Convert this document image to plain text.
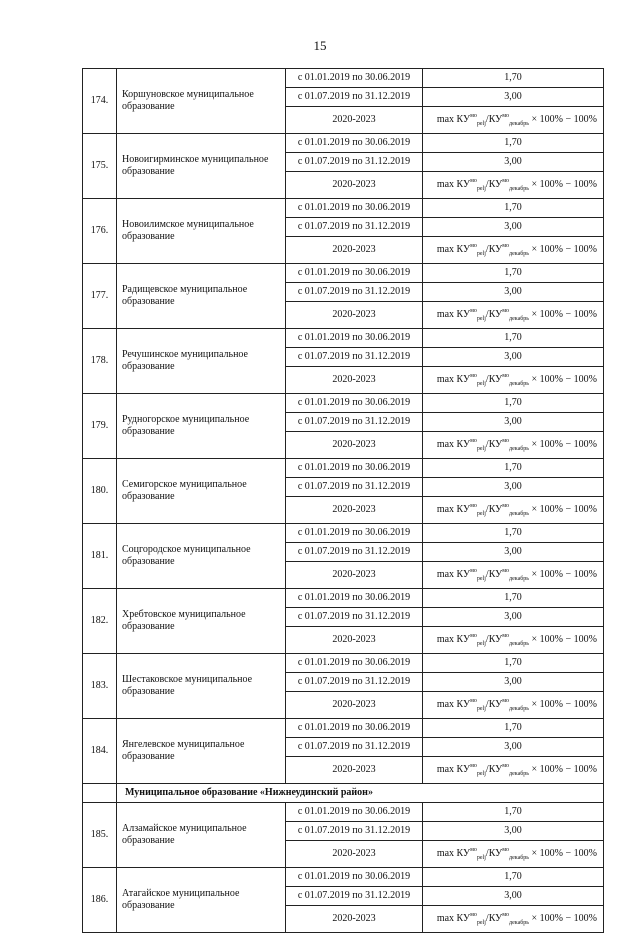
15
174.	Коршуновское муниципальное образование	с 01.01.2019 по 30.06.2019	1,70
		с 01.07.2019 по 31.12.2019	3,00
		2020-2023	$\max КУ^{мо}_{реlj}/КУ^{мо}_{декабрь} \times 100\% - 100\%$
175.	Новоигирминское муниципальное образование	с 01.01.2019 по 30.06.2019	1,70
		с 01.07.2019 по 31.12.2019	3,00
		2020-2023	$\max КУ^{мо}_{реlj}/КУ^{мо}_{декабрь} \times 100\% - 100\%$
176.	Новоилимское муниципальное образование	с 01.01.2019 по 30.06.2019	1,70
		с 01.07.2019 по 31.12.2019	3,00
		2020-2023	$\max КУ^{мо}_{реlj}/КУ^{мо}_{декабрь} \times 100\% - 100\%$
177.	Радищевское муниципальное образование	с 01.01.2019 по 30.06.2019	1,70
		с 01.07.2019 по 31.12.2019	3,00
		2020-2023	$\max КУ^{мо}_{реlj}/КУ^{мо}_{декабрь} \times 100\% - 100\%$
178.	Речушинское муниципальное образование	с 01.01.2019 по 30.06.2019	1,70
		с 01.07.2019 по 31.12.2019	3,00
		2020-2023	$\max КУ^{мо}_{реlj}/КУ^{мо}_{декабрь} \times 100\% - 100\%$
179.	Рудногорское муниципальное образование	с 01.01.2019 по 30.06.2019	1,70
		с 01.07.2019 по 31.12.2019	3,00
		2020-2023	$\max КУ^{мо}_{реlj}/КУ^{мо}_{декабрь} \times 100\% - 100\%$
180.	Семигорское муниципальное образование	с 01.01.2019 по 30.06.2019	1,70
		с 01.07.2019 по 31.12.2019	3,00
		2020-2023	$\max КУ^{мо}_{реlj}/КУ^{мо}_{декабрь} \times 100\% - 100\%$
181.	Соцгородское муниципальное образование	с 01.01.2019 по 30.06.2019	1,70
		с 01.07.2019 по 31.12.2019	3,00
		2020-2023	$\max КУ^{мо}_{реlj}/КУ^{мо}_{декабрь} \times 100\% - 100\%$
182.	Хребтовское муниципальное образование	с 01.01.2019 по 30.06.2019	1,70
		с 01.07.2019 по 31.12.2019	3,00
		2020-2023	$\max КУ^{мо}_{реlj}/КУ^{мо}_{декабрь} \times 100\% - 100\%$
183.	Шестаковское муниципальное образование	с 01.01.2019 по 30.06.2019	1,70
		с 01.07.2019 по 31.12.2019	3,00
		2020-2023	$\max КУ^{мо}_{реlj}/КУ^{мо}_{декабрь} \times 100\% - 100\%$
184.	Янгелевское муниципальное образование	с 01.01.2019 по 30.06.2019	1,70
		с 01.07.2019 по 31.12.2019	3,00
		2020-2023	$\max КУ^{мо}_{реlj}/КУ^{мо}_{декабрь} \times 100\% - 100\%$
	Муниципальное образование «Нижнеудинский район»		
185.	Алзамайское муниципальное образование	с 01.01.2019 по 30.06.2019	1,70
		с 01.07.2019 по 31.12.2019	3,00
		2020-2023	$\max КУ^{мо}_{реlj}/КУ^{мо}_{декабрь} \times 100\% - 100\%$
186.	Атагайское муниципальное образование	с 01.01.2019 по 30.06.2019	1,70
		с 01.07.2019 по 31.12.2019	3,00
		2020-2023	$\max КУ^{мо}_{реlj}/КУ^{мо}_{декабрь} \times 100\% - 100\%$
